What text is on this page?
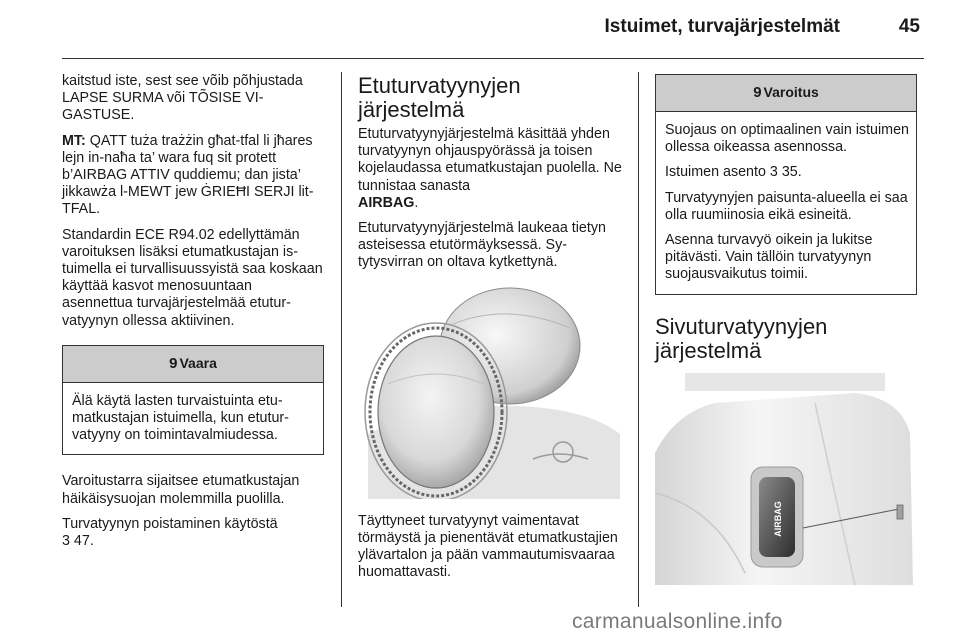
Istuimet, turvajärjestelmät	45

kaitstud iste, sest see võib põhjustada LAPSE SURMA või TÕSISE VIGASTUSE.

MT: QATT tuża trażżin għat-tfal li jħares lejn in-naħa ta’ wara fuq sit protett b’AIRBAG ATTIV quddiemu; dan jista’ jikkawża l-MEWT jew ĠRIEĦI SERJI lit-TFAL.

Standardin ECE R94.02 edellyttämän varoituksen lisäksi etumatkustajan istuimella ei turvallisuussyistä saa koskaan käyttää kasvot menosuuntaan asennettua turvajärjestelmää etuturvatyynyn ollessa aktiivinen.

9 Vaara

Älä käytä lasten turvaistuinta etumatkustajan istuimella, kun etuturvatyyny on toimintavalmiudessa.

Varoitustarra sijaitsee etumatkustajan häikäisysuojan molemmilla puolilla.

Turvatyynyn poistaminen käytöstä
3 47.

Etuturvatyynyjen järjestelmä

Etuturvatyynyjärjestelmä käsittää yhden turvatyynyn ohjauspyörässä ja toisen kojelaudassa etumatkustajan puolella. Ne tunnistaa sanasta
AIRBAG.

Etuturvatyynyjärjestelmä laukeaa tietyn asteisessa etutörmäyksessä. Sytytysvirran on oltava kytkettynä.

Täyttyneet turvatyynyt vaimentavat törmäystä ja pienentävät etumatkustajien ylävartalon ja pään vammautumisvaaraa huomattavasti.

9 Varoitus

Suojaus on optimaalinen vain istuimen ollessa oikeassa asennossa.

Istuimen asento 3 35.

Turvatyynyjen paisunta-alueella ei saa olla ruumiinosia eikä esineitä.

Asenna turvavyö oikein ja lukitse pitävästi. Vain tällöin turvatyynyn suojausvaikutus toimii.

Sivuturvatyynyjen järjestelmä
AIRBAG
carmanualsonline.info
